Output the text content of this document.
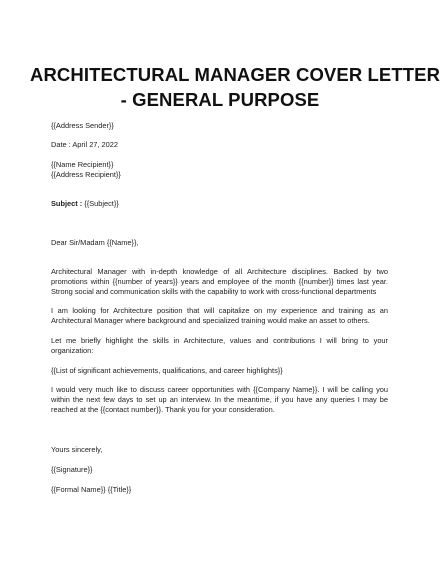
ARCHITECTURAL MANAGER COVER LETTER
- GENERAL PURPOSE
{{Address Sender}}
Date : April 27, 2022
{{Name Recipient}}
{{Address Recipient}}
Subject : {{Subject}}
Dear Sir/Madam {{Name}},
Architectural Manager with in-depth knowledge of all Architecture disciplines. Backed by two promotions within {{number of years}} years and employee of the month {{number}} times last year. Strong social and communication skills with the capability to work with cross-functional departments
I am looking for Architecture position that will capitalize on my experience and training as an Architectural Manager where background and specialized training would make an asset to others.
Let me briefly highlight the skills in Architecture, values and contributions I will bring to your organization:
{{List of significant achievements, qualifications, and career highlights}}
I would very much like to discuss career opportunities with {{Company Name}}. I will be calling you within the next few days to set up an interview. In the meantime, if you have any queries I may be reached at the {{contact number}}. Thank you for your consideration.
Yours sincerely,
{{Signature}}
{{Formal Name}} {{Title}}
